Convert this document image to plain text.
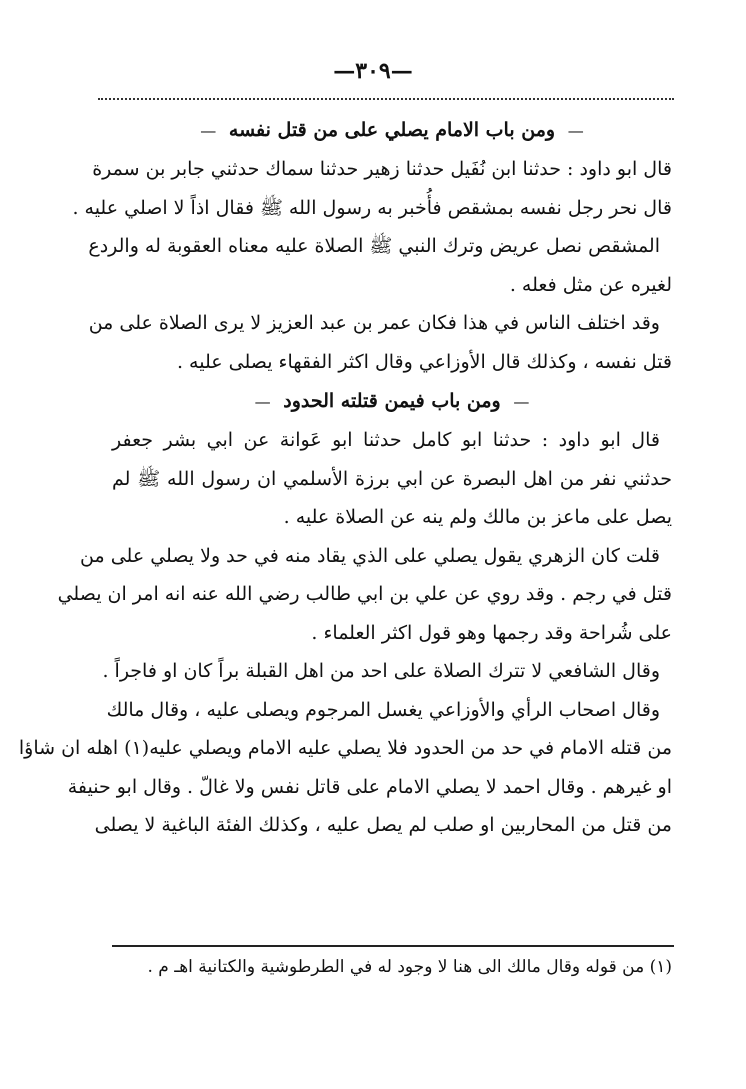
—٣٠٩—
— ومن باب الامام يصلي على من قتل نفسه —
قال ابو داود : حدثنا ابن نُفَيل حدثنا زهير حدثنا سماك حدثني جابر بن سمرة
قال نحر رجل نفسه بمشقص فأُخبر به رسول الله ﷺ فقال اذاً لا اصلي عليه .
المشقص نصل عريض وترك النبي ﷺ الصلاة عليه معناه العقوبة له والردع
لغيره عن مثل فعله .
وقد اختلف الناس في هذا فكان عمر بن عبد العزيز لا يرى الصلاة على من
قتل نفسه ، وكذلك قال الأوزاعي وقال اكثر الفقهاء يصلى عليه .
— ومن باب فيمن قتلته الحدود —
قال ابو داود : حدثنا ابو كامل حدثنا ابو عَوانة عن ابي بشر جعفر
حدثني نفر من اهل البصرة عن ابي برزة الأسلمي ان رسول الله ﷺ لم
يصل على ماعز بن مالك ولم ينه عن الصلاة عليه .
قلت كان الزهري يقول يصلي على الذي يقاد منه في حد ولا يصلي على من
قتل في رجم . وقد روي عن علي بن ابي طالب رضي الله عنه انه امر ان يصلي
على شُراحة وقد رجمها وهو قول اكثر العلماء .
وقال الشافعي لا تترك الصلاة على احد من اهل القبلة براً كان او فاجراً .
وقال اصحاب الرأي والأوزاعي يغسل المرجوم ويصلى عليه ، وقال مالك
من قتله الامام في حد من الحدود فلا يصلي عليه الامام ويصلي عليه(١) اهله ان شاؤا
او غيرهم . وقال احمد لا يصلي الامام على قاتل نفس ولا غالّ . وقال ابو حنيفة
من قتل من المحاربين او صلب لم يصل عليه ، وكذلك الفئة الباغية لا يصلى
(١) من قوله وقال مالك الى هنا لا وجود له في الطرطوشية والكتانية اهـ م .
